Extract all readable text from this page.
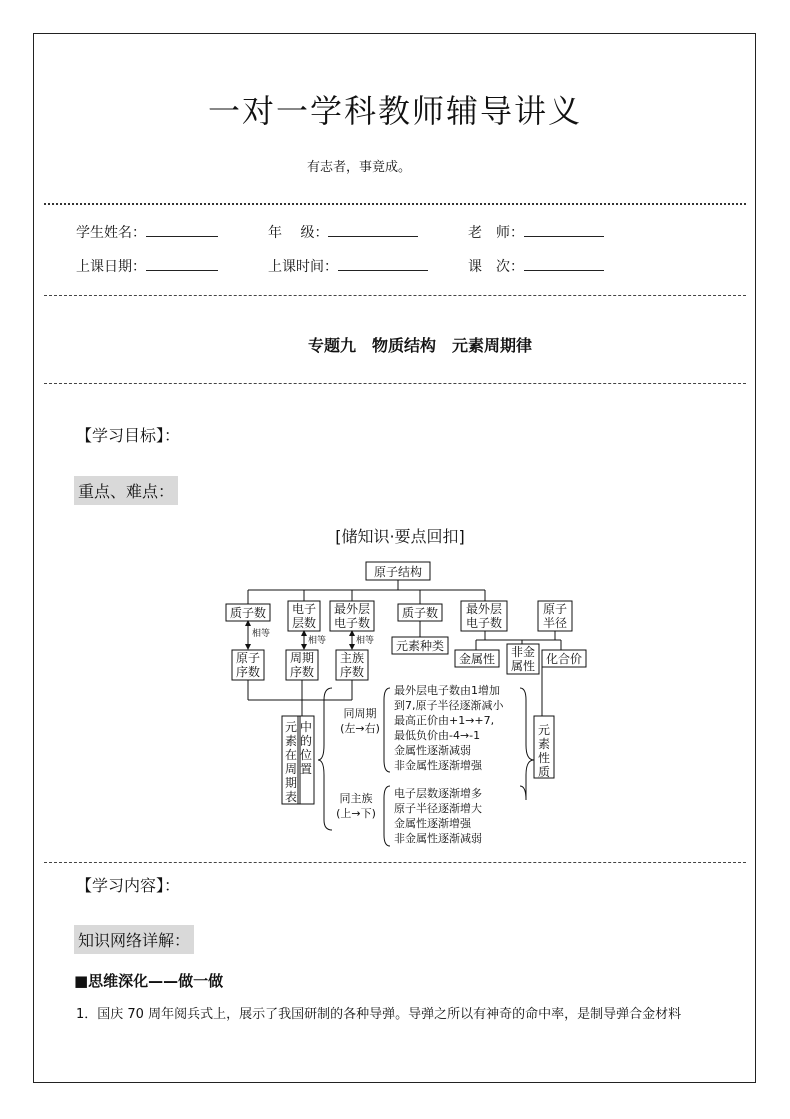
一对一学科教师辅导讲义
有志者，事竟成。
学生姓名：	年　 级：	老　师：
上课日期：	上课时间：	课　次：
专题九　物质结构　元素周期律
【学习目标】：
重点、难点：
[储知识·要点回扣]
原子结构
质子数 电子
层数
最外层
电子数
质子数 最外层
电子数
原子
半径
相等
相等	相等
原子
序数
周期
序数
主族
序数
元素种类
金属性 非金
属性 化合价
元
素
在
周
期
表
中
的
位
置
元
素
性
质
同周期
(左→右)
最外层电子数由1增加
到7,原子半径逐渐减小
最高正价由+1→+7,
最低负价由-4→-1
金属性逐渐减弱
非金属性逐渐增强
同主族
(上→下)
电子层数逐渐增多
原子半径逐渐增大
金属性逐渐增强
非金属性逐渐减弱
【学习内容】：
知识网络详解：
■思维深化——做一做
1．国庆 70 周年阅兵式上，展示了我国研制的各种导弹。导弹之所以有神奇的命中率，是制导弹合金材料
